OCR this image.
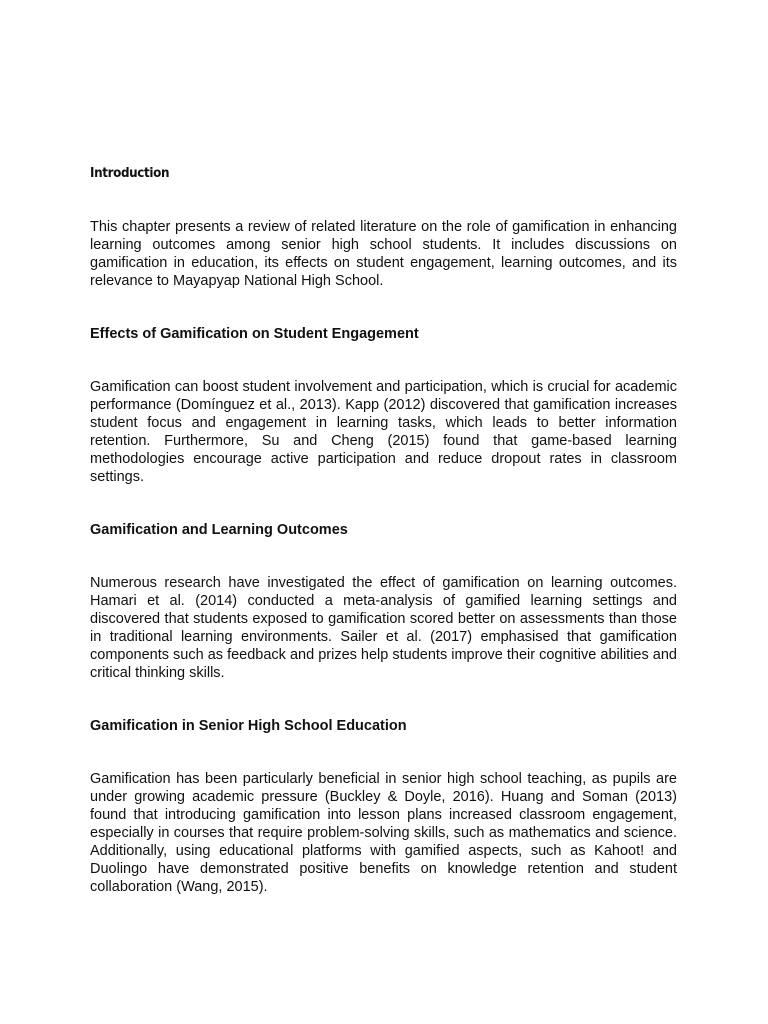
Introduction

This chapter presents a review of related literature on the role of gamification in enhancing learning outcomes among senior high school students. It includes discussions on gamification in education, its effects on student engagement, learning outcomes, and its relevance to Mayapyap National High School.

Effects of Gamification on Student Engagement

Gamification can boost student involvement and participation, which is crucial for academic performance (Domínguez et al., 2013). Kapp (2012) discovered that gamification increases student focus and engagement in learning tasks, which leads to better information retention. Furthermore, Su and Cheng (2015) found that game-based learning methodologies encourage active participation and reduce dropout rates in classroom settings.

Gamification and Learning Outcomes

Numerous research have investigated the effect of gamification on learning outcomes. Hamari et al. (2014) conducted a meta-analysis of gamified learning settings and discovered that students exposed to gamification scored better on assessments than those in traditional learning environments. Sailer et al. (2017) emphasised that gamification components such as feedback and prizes help students improve their cognitive abilities and critical thinking skills.

Gamification in Senior High School Education

Gamification has been particularly beneficial in senior high school teaching, as pupils are under growing academic pressure (Buckley & Doyle, 2016). Huang and Soman (2013) found that introducing gamification into lesson plans increased classroom engagement, especially in courses that require problem-solving skills, such as mathematics and science. Additionally, using educational platforms with gamified aspects, such as Kahoot! and Duolingo have demonstrated positive benefits on knowledge retention and student collaboration (Wang, 2015).
